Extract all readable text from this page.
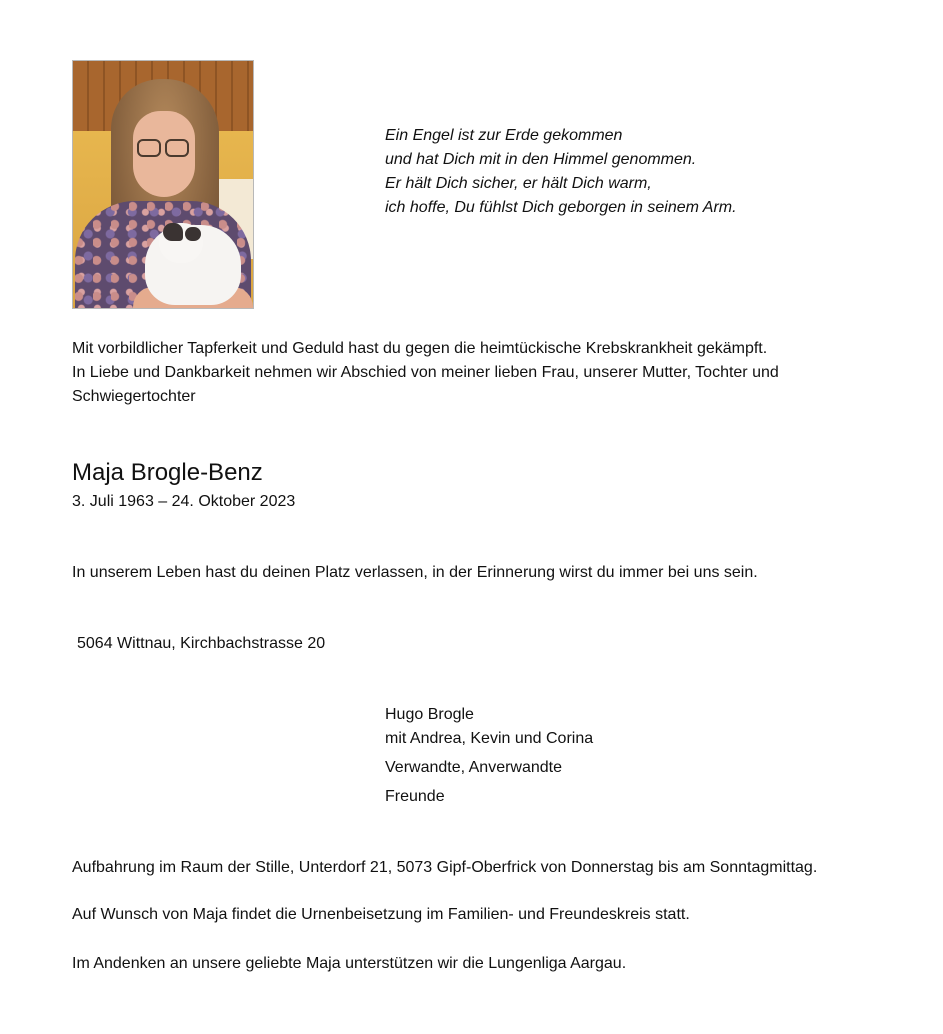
Ein Engel ist zur Erde gekommen
und hat Dich mit in den Himmel genommen.
Er hält Dich sicher, er hält Dich warm,
ich hoffe, Du fühlst Dich geborgen in seinem Arm.
Mit vorbildlicher Tapferkeit und Geduld hast du gegen die heimtückische Krebskrankheit gekämpft.
In Liebe und Dankbarkeit nehmen wir Abschied von meiner lieben Frau, unserer Mutter, Tochter und
Schwiegertochter
Maja Brogle-Benz
3. Juli 1963 – 24. Oktober 2023
In unserem Leben hast du deinen Platz verlassen, in der Erinnerung wirst du immer bei uns sein.
5064 Wittnau, Kirchbachstrasse 20
Hugo Brogle
mit Andrea, Kevin und Corina
Verwandte, Anverwandte
Freunde
Aufbahrung im Raum der Stille, Unterdorf 21, 5073 Gipf-Oberfrick von Donnerstag bis am Sonntagmittag.
Auf Wunsch von Maja findet die Urnenbeisetzung im Familien- und Freundeskreis statt.
Im Andenken an unsere geliebte Maja unterstützen wir die Lungenliga Aargau.
